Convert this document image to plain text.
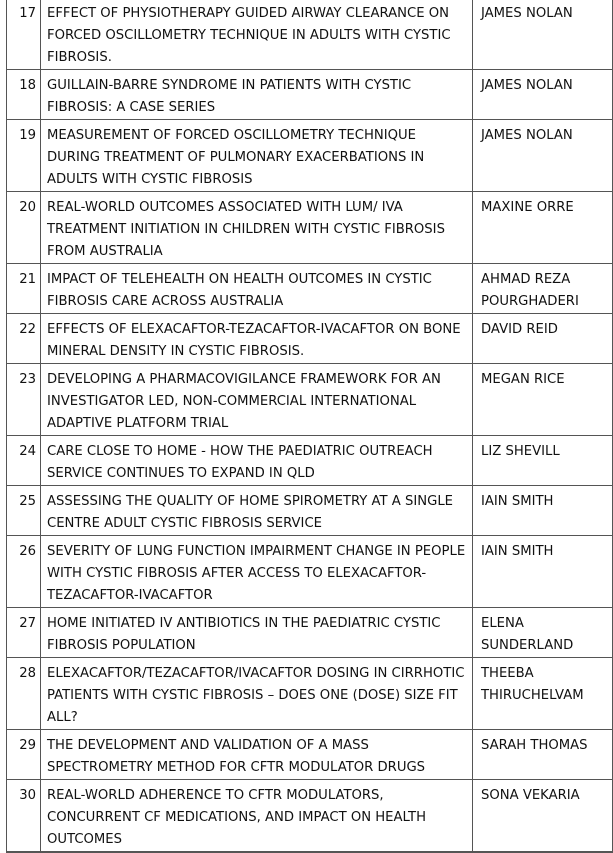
17	EFFECT OF PHYSIOTHERAPY GUIDED AIRWAY CLEARANCE ON FORCED OSCILLOMETRY TECHNIQUE IN ADULTS WITH CYSTIC FIBROSIS.	JAMES NOLAN
18	GUILLAIN-BARRE SYNDROME IN PATIENTS WITH CYSTIC FIBROSIS: A CASE SERIES	JAMES NOLAN
19	MEASUREMENT OF FORCED OSCILLOMETRY TECHNIQUE DURING TREATMENT OF PULMONARY EXACERBATIONS IN ADULTS WITH CYSTIC FIBROSIS	JAMES NOLAN
20	REAL-WORLD OUTCOMES ASSOCIATED WITH LUM/ IVA TREATMENT INITIATION IN CHILDREN WITH CYSTIC FIBROSIS FROM AUSTRALIA	MAXINE ORRE
21	IMPACT OF TELEHEALTH ON HEALTH OUTCOMES IN CYSTIC FIBROSIS CARE ACROSS AUSTRALIA	AHMAD REZA POURGHADERI
22	EFFECTS OF ELEXACAFTOR-TEZACAFTOR-IVACAFTOR ON BONE MINERAL DENSITY IN CYSTIC FIBROSIS.	DAVID REID
23	DEVELOPING A PHARMACOVIGILANCE FRAMEWORK FOR AN INVESTIGATOR LED, NON-COMMERCIAL INTERNATIONAL ADAPTIVE PLATFORM TRIAL	MEGAN RICE
24	CARE CLOSE TO HOME - HOW THE PAEDIATRIC OUTREACH SERVICE CONTINUES TO EXPAND IN QLD	LIZ SHEVILL
25	ASSESSING THE QUALITY OF HOME SPIROMETRY AT A SINGLE CENTRE ADULT CYSTIC FIBROSIS SERVICE	IAIN SMITH
26	SEVERITY OF LUNG FUNCTION IMPAIRMENT CHANGE IN PEOPLE WITH CYSTIC FIBROSIS AFTER ACCESS TO ELEXACAFTOR-TEZACAFTOR-IVACAFTOR	IAIN SMITH
27	HOME INITIATED IV ANTIBIOTICS IN THE PAEDIATRIC CYSTIC FIBROSIS POPULATION	ELENA SUNDERLAND
28	ELEXACAFTOR/TEZACAFTOR/IVACAFTOR DOSING IN CIRRHOTIC PATIENTS WITH CYSTIC FIBROSIS – DOES ONE (DOSE) SIZE FIT ALL?	THEEBA THIRUCHELVAM
29	THE DEVELOPMENT AND VALIDATION OF A MASS SPECTROMETRY METHOD FOR CFTR MODULATOR DRUGS	SARAH THOMAS
30	REAL-WORLD ADHERENCE TO CFTR MODULATORS, CONCURRENT CF MEDICATIONS, AND IMPACT ON HEALTH OUTCOMES	SONA VEKARIA
